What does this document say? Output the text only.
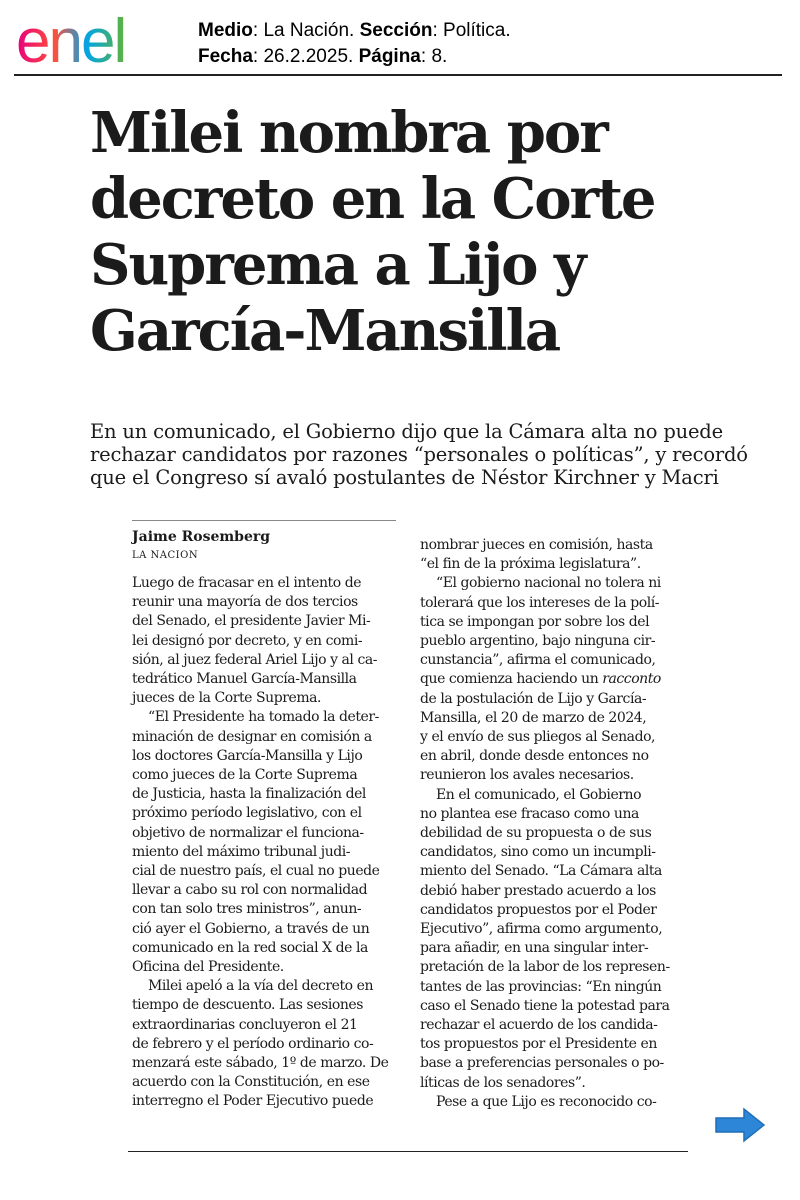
enel	Medio: La Nación. Sección: Política.
Fecha: 26.2.2025. Página: 8.
Milei nombra por
decreto en la Corte
Suprema a Lijo y
García-Mansilla
En un comunicado, el Gobierno dijo que la Cámara alta no puede
rechazar candidatos por razones “personales o políticas”, y recordó
que el Congreso sí avaló postulantes de Néstor Kirchner y Macri
Jaime Rosemberg
LA NACION
Luego de fracasar en el intento de
reunir una mayoría de dos tercios
del Senado, el presidente Javier Mi-
lei designó por decreto, y en comi-
sión, al juez federal Ariel Lijo y al ca-
tedrático Manuel García-Mansilla
jueces de la Corte Suprema.
“El Presidente ha tomado la deter-
minación de designar en comisión a
los doctores García-Mansilla y Lijo
como jueces de la Corte Suprema
de Justicia, hasta la finalización del
próximo período legislativo, con el
objetivo de normalizar el funciona-
miento del máximo tribunal judi-
cial de nuestro país, el cual no puede
llevar a cabo su rol con normalidad
con tan solo tres ministros”, anun-
ció ayer el Gobierno, a través de un
comunicado en la red social X de la
Oficina del Presidente.
Milei apeló a la vía del decreto en
tiempo de descuento. Las sesiones
extraordinarias concluyeron el 21
de febrero y el período ordinario co-
menzará este sábado, 1º de marzo. De
acuerdo con la Constitución, en ese
interregno el Poder Ejecutivo puede
nombrar jueces en comisión, hasta
“el fin de la próxima legislatura”.
“El gobierno nacional no tolera ni
tolerará que los intereses de la polí-
tica se impongan por sobre los del
pueblo argentino, bajo ninguna cir-
cunstancia”, afirma el comunicado,
que comienza haciendo un racconto
de la postulación de Lijo y García-
Mansilla, el 20 de marzo de 2024,
y el envío de sus pliegos al Senado,
en abril, donde desde entonces no
reunieron los avales necesarios.
En el comunicado, el Gobierno
no plantea ese fracaso como una
debilidad de su propuesta o de sus
candidatos, sino como un incumpli-
miento del Senado. “La Cámara alta
debió haber prestado acuerdo a los
candidatos propuestos por el Poder
Ejecutivo”, afirma como argumento,
para añadir, en una singular inter-
pretación de la labor de los represen-
tantes de las provincias: “En ningún
caso el Senado tiene la potestad para
rechazar el acuerdo de los candida-
tos propuestos por el Presidente en
base a preferencias personales o po-
líticas de los senadores”.
Pese a que Lijo es reconocido co-
